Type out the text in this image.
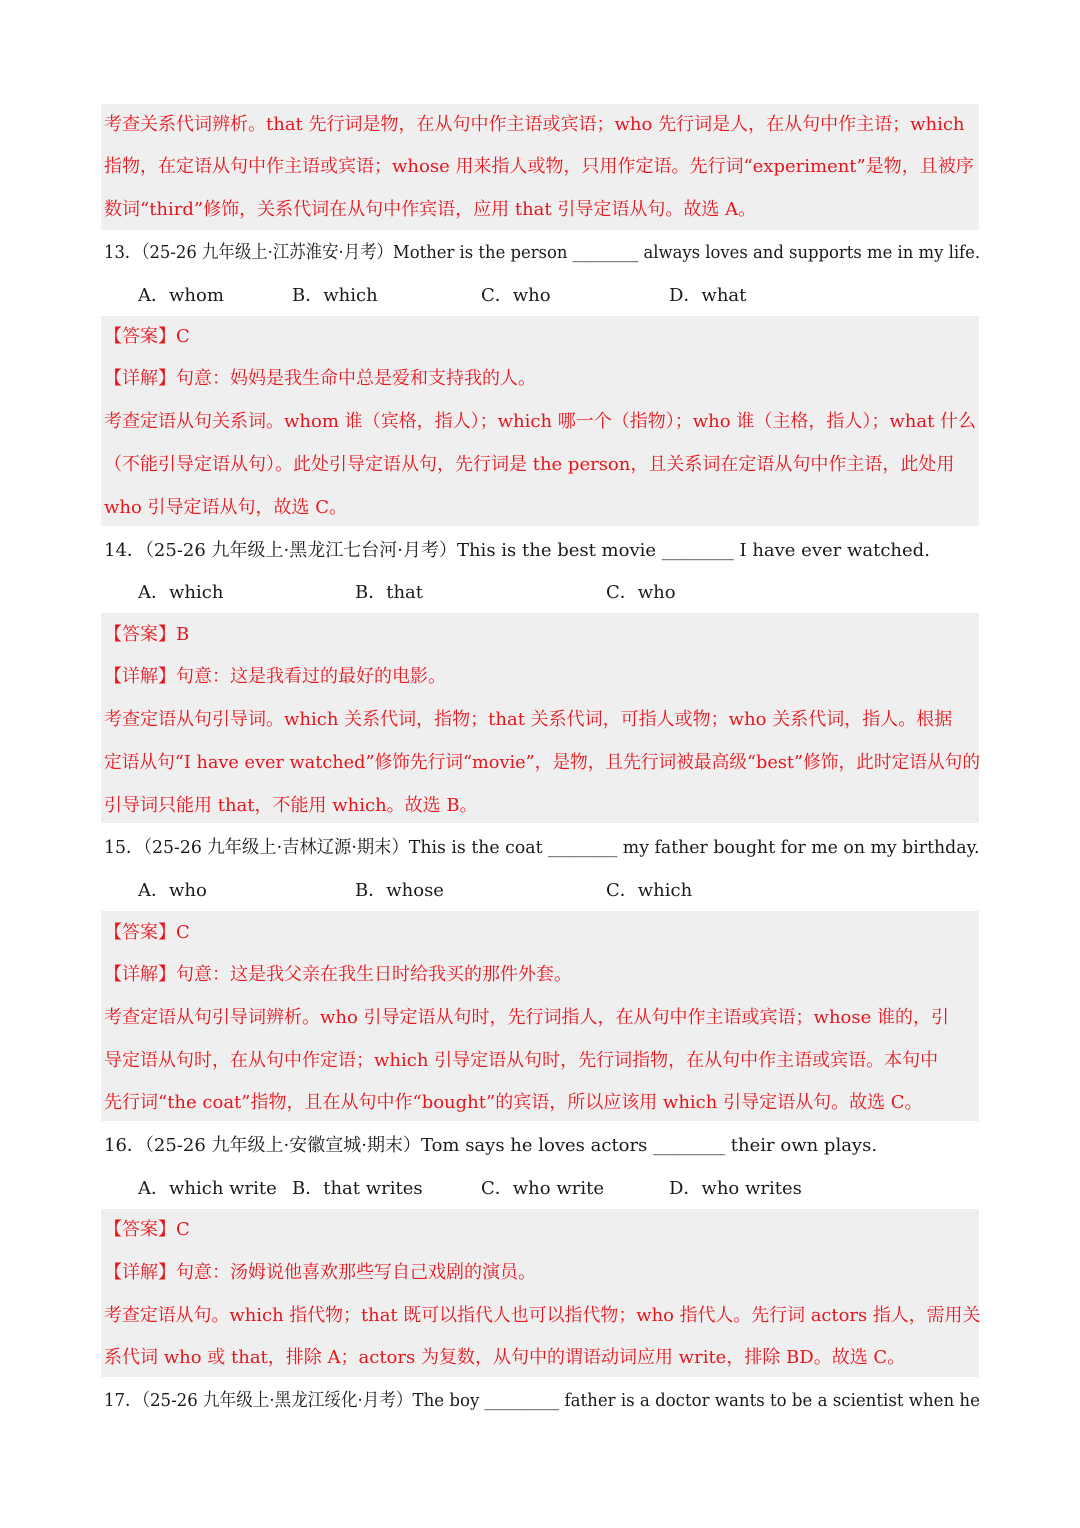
考查关系代词辨析。that 先行词是物，在从句中作主语或宾语；who 先行词是人，在从句中作主语；which
指物，在定语从句中作主语或宾语；whose 用来指人或物，只用作定语。先行词“experiment”是物，且被序
数词“third”修饰，关系代词在从句中作宾语，应用 that 引导定语从句。故选 A。
13．（25-26 九年级上·江苏淮安·月考）Mother is the person ________ always loves and supports me in my life.
A．whom	B．which	C．who	D．what
【答案】C
【详解】句意：妈妈是我生命中总是爱和支持我的人。
考查定语从句关系词。whom 谁（宾格，指人）；which 哪一个（指物）；who 谁（主格，指人）；what 什么
（不能引导定语从句）。此处引导定语从句，先行词是 the person，且关系词在定语从句中作主语，此处用
who 引导定语从句，故选 C。
14．（25-26 九年级上·黑龙江七台河·月考）This is the best movie ________ I have ever watched.
A．which	B．that	C．who
【答案】B
【详解】句意：这是我看过的最好的电影。
考查定语从句引导词。which 关系代词，指物；that 关系代词，可指人或物；who 关系代词，指人。根据
定语从句“I have ever watched”修饰先行词“movie”，是物，且先行词被最高级“best”修饰，此时定语从句的
引导词只能用 that，不能用 which。故选 B。
15．（25-26 九年级上·吉林辽源·期末）This is the coat ________ my father bought for me on my birthday.
A．who	B．whose	C．which
【答案】C
【详解】句意：这是我父亲在我生日时给我买的那件外套。
考查定语从句引导词辨析。who 引导定语从句时，先行词指人，在从句中作主语或宾语；whose 谁的，引
导定语从句时，在从句中作定语；which 引导定语从句时，先行词指物，在从句中作主语或宾语。本句中
先行词“the coat”指物，且在从句中作“bought”的宾语，所以应该用 which 引导定语从句。故选 C。
16．（25-26 九年级上·安徽宣城·期末）Tom says he loves actors ________ their own plays.
A．which write B．that writes	C．who write	D．who writes
【答案】C
【详解】句意：汤姆说他喜欢那些写自己戏剧的演员。
考查定语从句。which 指代物；that 既可以指代人也可以指代物；who 指代人。先行词 actors 指人，需用关
系代词 who 或 that，排除 A；actors 为复数，从句中的谓语动词应用 write，排除 BD。故选 C。
17．（25-26 九年级上·黑龙江绥化·月考）The boy _________ father is a doctor wants to be a scientist when he
